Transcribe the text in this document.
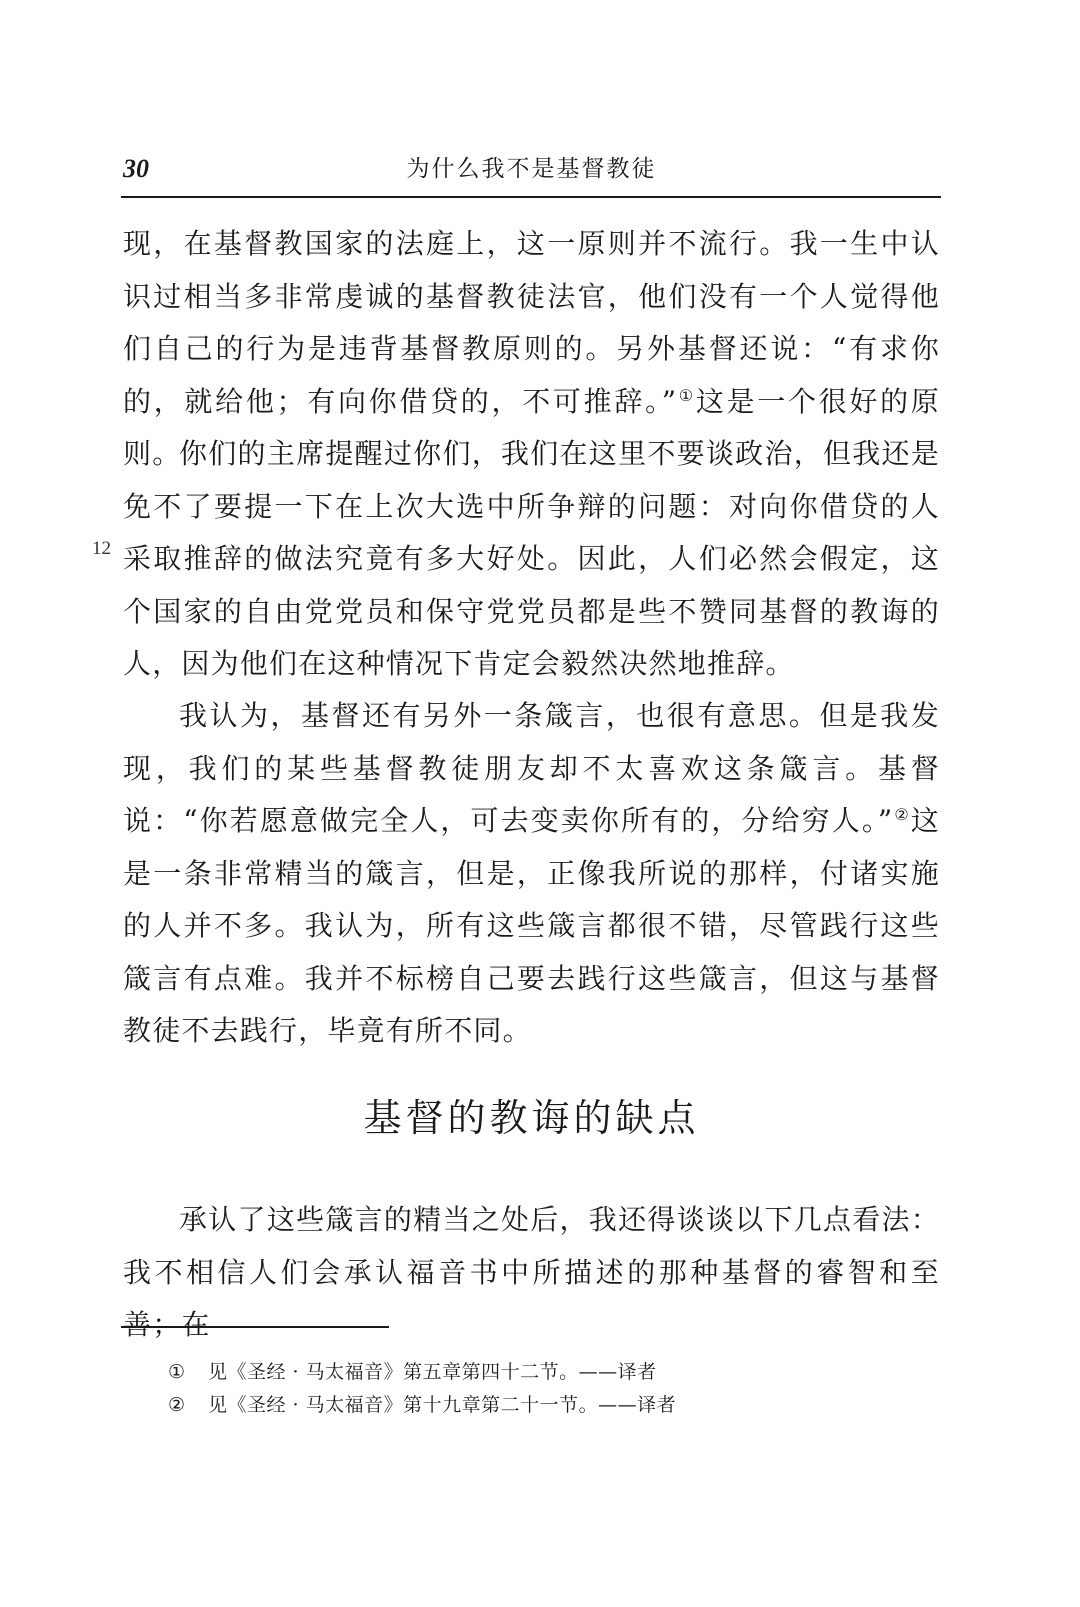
30	为什么我不是基督教徒

现，在基督教国家的法庭上，这一原则并不流行。我一生中认识过相当多非常虔诚的基督教徒法官，他们没有一个人觉得他们自己的行为是违背基督教原则的。另外基督还说：“有求你的，就给他；有向你借贷的，不可推辞。”①这是一个很好的原则。

12

你们的主席提醒过你们，我们在这里不要谈政治，但我还是免不了要提一下在上次大选中所争辩的问题：对向你借贷的人采取推辞的做法究竟有多大好处。因此，人们必然会假定，这个国家的自由党党员和保守党党员都是些不赞同基督的教诲的人，因为他们在这种情况下肯定会毅然决然地推辞。

我认为，基督还有另外一条箴言，也很有意思。但是我发现，我们的某些基督教徒朋友却不太喜欢这条箴言。基督说：“你若愿意做完全人，可去变卖你所有的，分给穷人。”②这是一条非常精当的箴言，但是，正像我所说的那样，付诸实施的人并不多。我认为，所有这些箴言都很不错，尽管践行这些箴言有点难。我并不标榜自己要去践行这些箴言，但这与基督教徒不去践行，毕竟有所不同。

基督的教诲的缺点

承认了这些箴言的精当之处后，我还得谈谈以下几点看法：我不相信人们会承认福音书中所描述的那种基督的睿智和至善；在

① 见《圣经 · 马太福音》第五章第四十二节。——译者
② 见《圣经 · 马太福音》第十九章第二十一节。——译者
